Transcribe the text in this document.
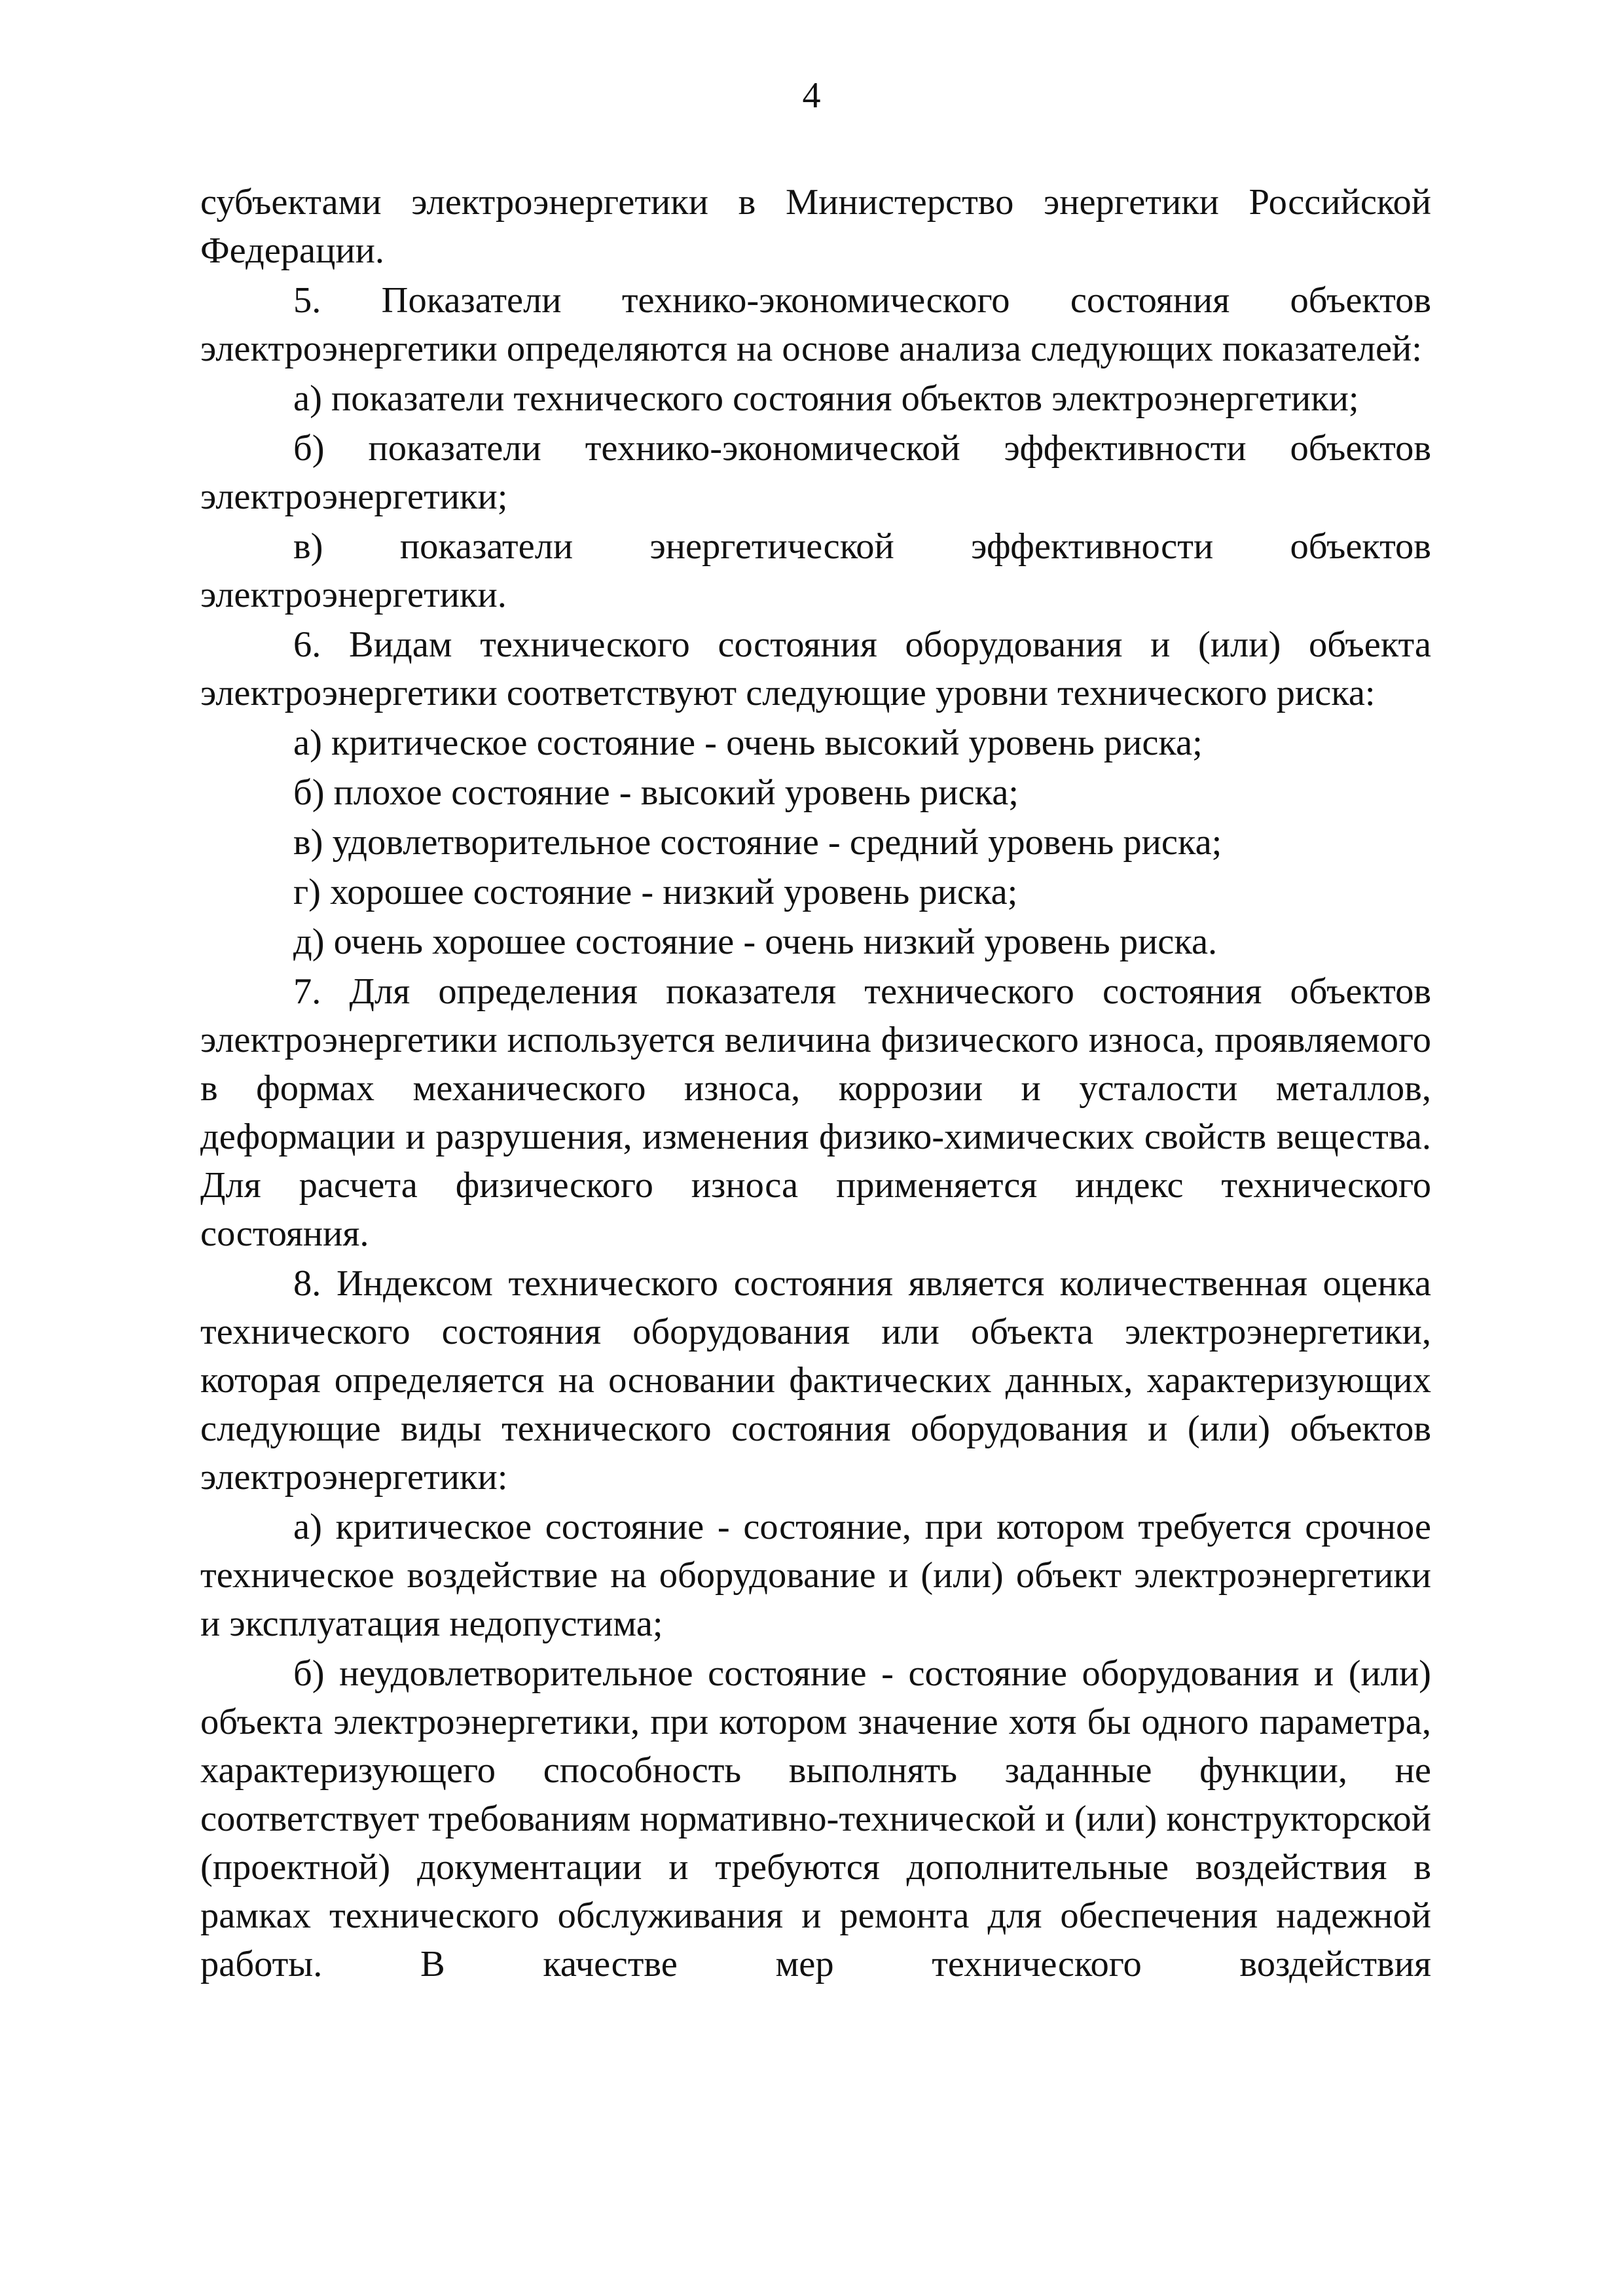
4

субъектами электроэнергетики в Министерство энергетики Российской Федерации.

5. Показатели технико-экономического состояния объектов электроэнергетики определяются на основе анализа следующих показателей:

а) показатели технического состояния объектов электроэнергетики;

б) показатели технико-экономической эффективности объектов электроэнергетики;

в) показатели энергетической эффективности объектов электроэнергетики.

6. Видам технического состояния оборудования и (или) объекта электроэнергетики соответствуют следующие уровни технического риска:

а) критическое состояние - очень высокий уровень риска;

б) плохое состояние - высокий уровень риска;

в) удовлетворительное состояние - средний уровень риска;

г) хорошее состояние - низкий уровень риска;

д) очень хорошее состояние - очень низкий уровень риска.

7. Для определения показателя технического состояния объектов электроэнергетики используется величина физического износа, проявляемого в формах механического износа, коррозии и усталости металлов, деформации и разрушения, изменения физико-химических свойств вещества. Для расчета физического износа применяется индекс технического состояния.

8. Индексом технического состояния является количественная оценка технического состояния оборудования или объекта электроэнергетики, которая определяется на основании фактических данных, характеризующих следующие виды технического состояния оборудования и (или) объектов электроэнергетики:

а) критическое состояние - состояние, при котором требуется срочное техническое воздействие на оборудование и (или) объект электроэнергетики и эксплуатация недопустима;

б) неудовлетворительное состояние - состояние оборудования и (или) объекта электроэнергетики, при котором значение хотя бы одного параметра, характеризующего способность выполнять заданные функции, не соответствует требованиям нормативно-технической и (или) конструкторской (проектной) документации и требуются дополнительные воздействия в рамках технического обслуживания и ремонта для обеспечения надежной работы. В качестве мер технического воздействия
